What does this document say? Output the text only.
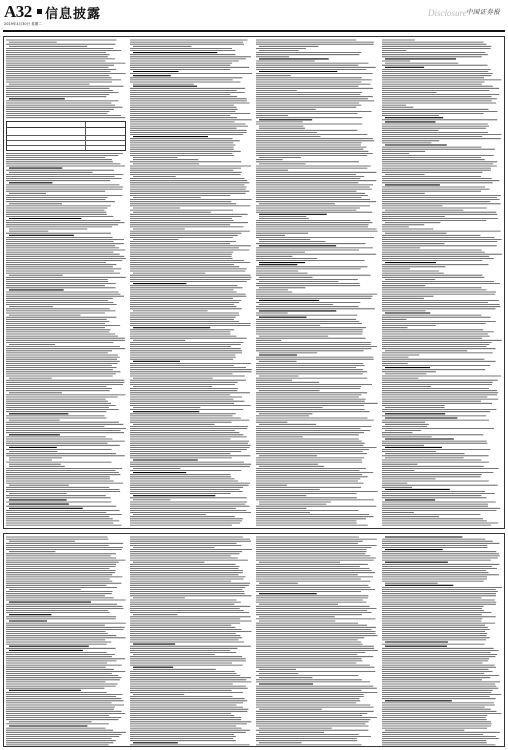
A32 信息披露
2019年4月30日 星期二
Disclosure 中国证券报
